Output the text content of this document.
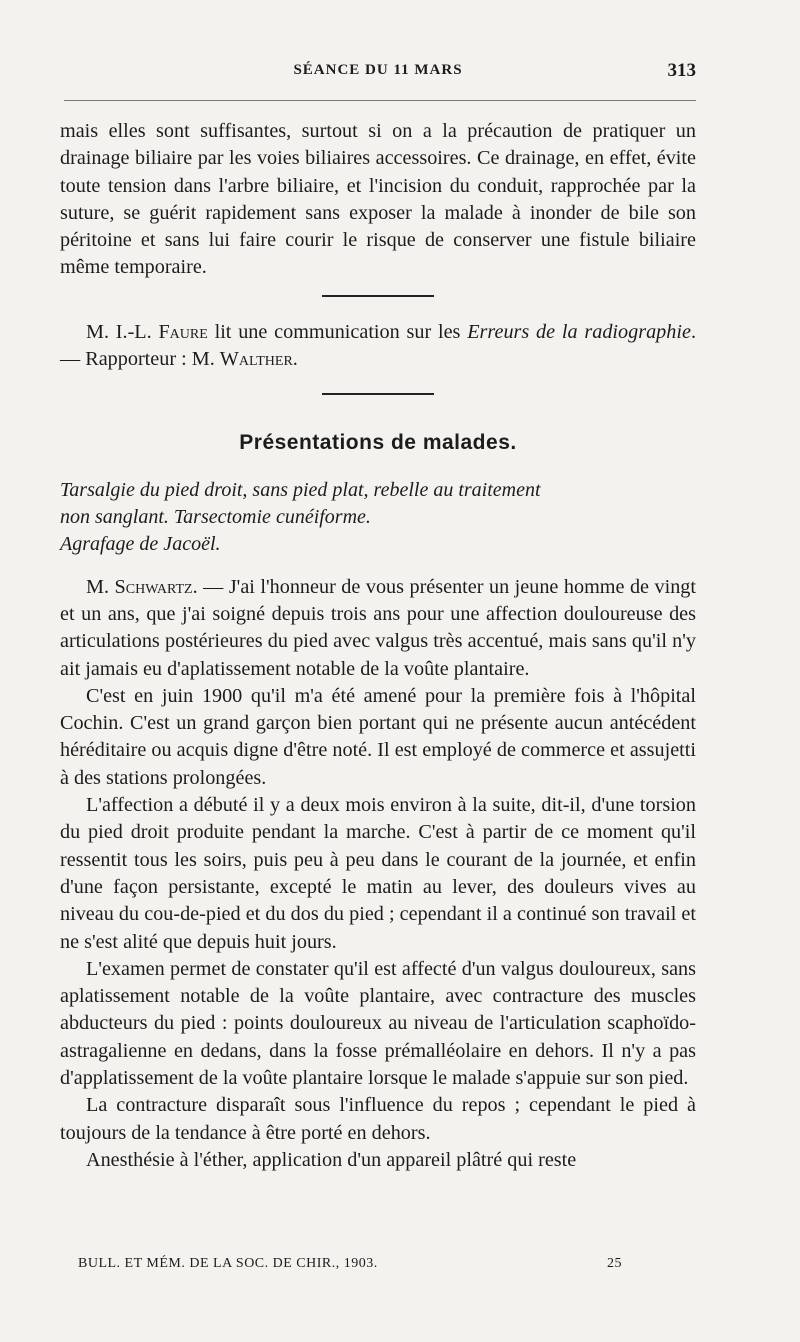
SÉANCE DU 11 MARS	313

mais elles sont suffisantes, surtout si on a la précaution de pratiquer un drainage biliaire par les voies biliaires accessoires. Ce drainage, en effet, évite toute tension dans l'arbre biliaire, et l'incision du conduit, rapprochée par la suture, se guérit rapidement sans exposer la malade à inonder de bile son péritoine et sans lui faire courir le risque de conserver une fistule biliaire même temporaire.

M. I.-L. Faure lit une communication sur les Erreurs de la radiographie. — Rapporteur : M. Walther.

Présentations de malades.

Tarsalgie du pied droit, sans pied plat, rebelle au traitement

non sanglant. Tarsectomie cunéiforme.

Agrafage de Jacoël.

M. Schwartz. — J'ai l'honneur de vous présenter un jeune homme de vingt et un ans, que j'ai soigné depuis trois ans pour une affection douloureuse des articulations postérieures du pied avec valgus très accentué, mais sans qu'il n'y ait jamais eu d'aplatissement notable de la voûte plantaire.

C'est en juin 1900 qu'il m'a été amené pour la première fois à l'hôpital Cochin. C'est un grand garçon bien portant qui ne présente aucun antécédent héréditaire ou acquis digne d'être noté. Il est employé de commerce et assujetti à des stations prolongées.

L'affection a débuté il y a deux mois environ à la suite, dit-il, d'une torsion du pied droit produite pendant la marche. C'est à partir de ce moment qu'il ressentit tous les soirs, puis peu à peu dans le courant de la journée, et enfin d'une façon persistante, excepté le matin au lever, des douleurs vives au niveau du cou-de-pied et du dos du pied ; cependant il a continué son travail et ne s'est alité que depuis huit jours.

L'examen permet de constater qu'il est affecté d'un valgus douloureux, sans aplatissement notable de la voûte plantaire, avec contracture des muscles abducteurs du pied : points douloureux au niveau de l'articulation scaphoïdo-astragalienne en dedans, dans la fosse prémalléolaire en dehors. Il n'y a pas d'applatissement de la voûte plantaire lorsque le malade s'appuie sur son pied.

La contracture disparaît sous l'influence du repos ; cependant le pied à toujours de la tendance à être porté en dehors.

Anesthésie à l'éther, application d'un appareil plâtré qui reste

BULL. ET MÉM. DE LA SOC. DE CHIR., 1903.	25
